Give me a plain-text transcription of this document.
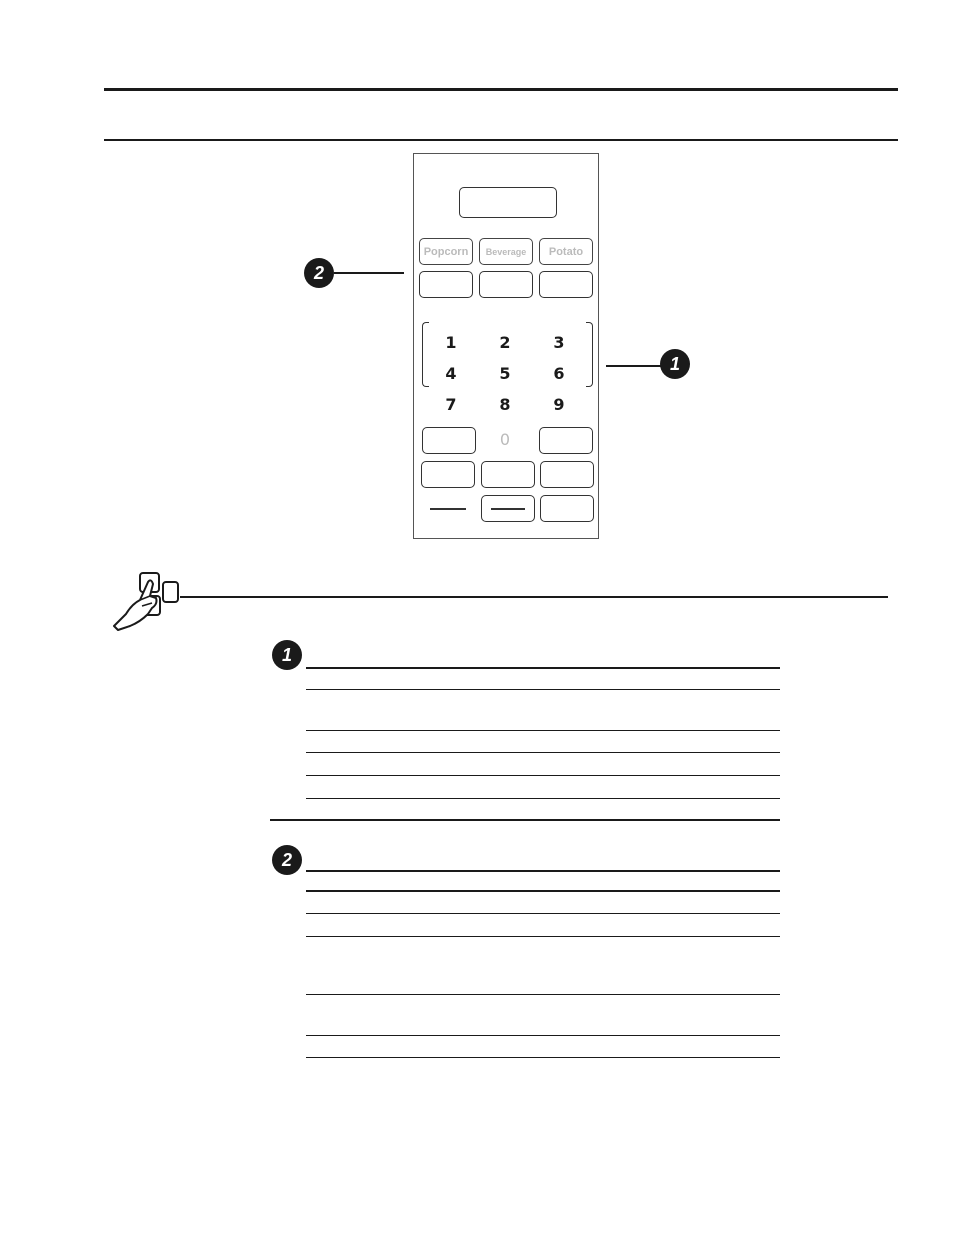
Popcorn	Beverage	Potato
1	2	3
4	5	6
7	8	9
0
2
1
1
2
